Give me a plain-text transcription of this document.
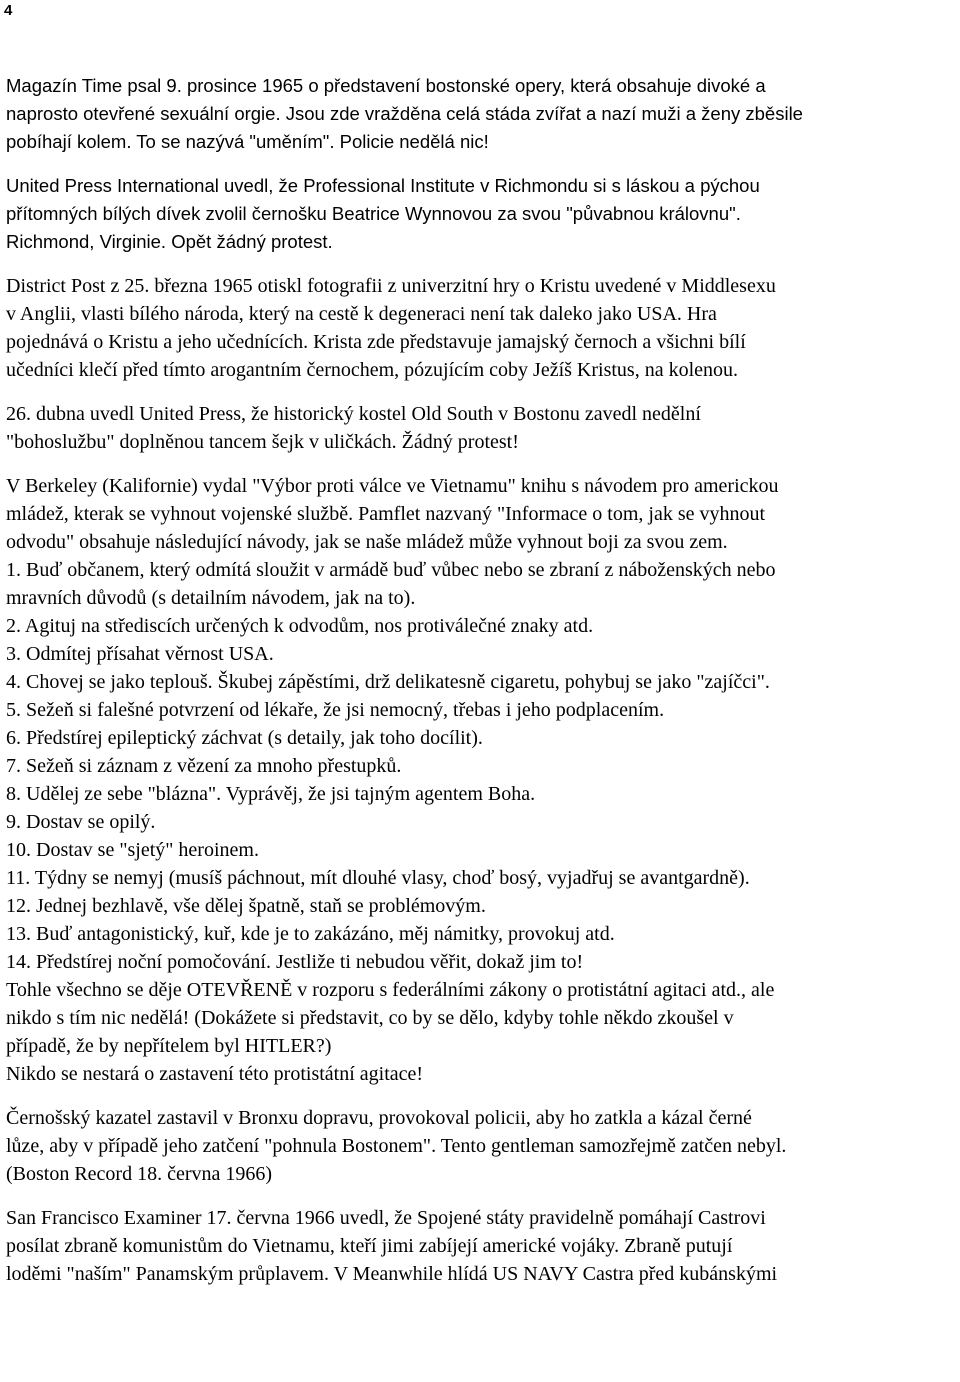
4
Magazín Time psal 9. prosince 1965 o představení bostonské opery, která obsahuje divoké a
naprosto otevřené sexuální orgie. Jsou zde vražděna celá stáda zvířat a nazí muži a ženy zběsile
pobíhají kolem. To se nazývá "uměním". Policie nedělá nic!
United Press International uvedl, že Professional Institute v Richmondu si s láskou a pýchou
přítomných bílých dívek zvolil černošku Beatrice Wynnovou za svou "půvabnou královnu".
Richmond, Virginie. Opět žádný protest.
District Post z 25. března 1965 otiskl fotografii z univerzitní hry o Kristu uvedené v Middlesexu
v Anglii, vlasti bílého národa, který na cestě k degeneraci není tak daleko jako USA. Hra
pojednává o Kristu a jeho učednících. Krista zde představuje jamajský černoch a všichni bílí
učedníci klečí před tímto arogantním černochem, pózujícím coby Ježíš Kristus, na kolenou.
26. dubna uvedl United Press, že historický kostel Old South v Bostonu zavedl nedělní
"bohoslužbu" doplněnou tancem šejk v uličkách. Žádný protest!
V Berkeley (Kalifornie) vydal "Výbor proti válce ve Vietnamu" knihu s návodem pro americkou
mládež, kterak se vyhnout vojenské službě. Pamflet nazvaný "Informace o tom, jak se vyhnout
odvodu" obsahuje následující návody, jak se naše mládež může vyhnout boji za svou zem.
1. Buď občanem, který odmítá sloužit v armádě buď vůbec nebo se zbraní z náboženských nebo
mravních důvodů (s detailním návodem, jak na to).
2. Agituj na střediscích určených k odvodům, nos protiválečné znaky atd.
3. Odmítej přísahat věrnost USA.
4. Chovej se jako teplouš. Škubej zápěstími, drž delikatesně cigaretu, pohybuj se jako "zajíčci".
5. Sežeň si falešné potvrzení od lékaře, že jsi nemocný, třebas i jeho podplacením.
6. Předstírej epileptický záchvat (s detaily, jak toho docílit).
7. Sežeň si záznam z vězení za mnoho přestupků.
8. Udělej ze sebe "blázna". Vyprávěj, že jsi tajným agentem Boha.
9. Dostav se opilý.
10. Dostav se "sjetý" heroinem.
11. Týdny se nemyj (musíš páchnout, mít dlouhé vlasy, choď bosý, vyjadřuj se avantgardně).
12. Jednej bezhlavě, vše dělej špatně, staň se problémovým.
13. Buď antagonistický, kuř, kde je to zakázáno, měj námitky, provokuj atd.
14. Předstírej noční pomočování. Jestliže ti nebudou věřit, dokaž jim to!
Tohle všechno se děje OTEVŘENĚ v rozporu s federálními zákony o protistátní agitaci atd., ale
nikdo s tím nic nedělá! (Dokážete si představit, co by se dělo, kdyby tohle někdo zkoušel v
případě, že by nepřítelem byl HITLER?)
Nikdo se nestará o zastavení této protistátní agitace!
Černošský kazatel zastavil v Bronxu dopravu, provokoval policii, aby ho zatkla a kázal černé
lůze, aby v případě jeho zatčení "pohnula Bostonem". Tento gentleman samozřejmě zatčen nebyl.
(Boston Record 18. června 1966)
San Francisco Examiner 17. června 1966 uvedl, že Spojené státy pravidelně pomáhají Castrovi
posílat zbraně komunistům do Vietnamu, kteří jimi zabíjejí americké vojáky. Zbraně putují
loděmi "naším" Panamským průplavem. V Meanwhile hlídá US NAVY Castra před kubánskými
